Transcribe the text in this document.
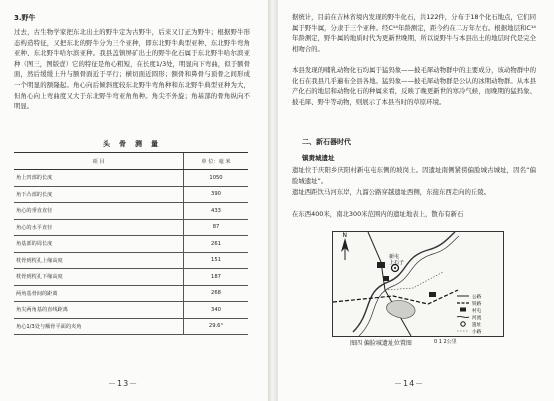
3.野牛
过去，古生物学家把东北出土的野牛定为古野牛，后来又订正为野牛；根据野牛形态构造特征，又把东北的野牛分为三个亚种，即东北野牛典型亚种、东北野牛弯角亚种、东北野牛哈尔滨亚种。我县盖镇屏矿出土的野牛化石属于东北野牛哈尔滨亚种（图三，图版壹）它的特征是角心粗短，在长度1/3处，明显向下弯曲，似于额骨面，然后缓缓上升与额骨面近于平行；横切面近圆形；额骨和鼻骨与顶骨之间形成一个明显的额隆起。角心向后倾斜度较东北野牛弯角种和东北野牛典型亚种为大，但角心向上弯曲度又大于东北野牛弯亚角角种。角尖不外旋；角基部的骨角纵向不明显。
头骨测量
项 目	单 位：毫 米
角上凹部的长度	1050
角下凸部的长度	390
角心的垂直直径	433
角心的水平直径	87
角基部的周长度	261
枕骨到枕孔上缘高度	151
枕骨到枕孔下缘高度	187
两角基骨间的距离	268
角尖两角基的直线距离	340
角心1/3处与额骨平面的夹角	29.6°
－13－
据统计，目前在吉林省境内发现的野牛化石，共122件，分布于18个化石地点，它们同属于野牛属，分隶于三个亚种。经C¹⁴年龄测定，距今约在二万年左右。根据地层和C¹⁴年龄测定，野牛属的地质时代为更新世晚期，所以说野牛与本县出土的地层时代是完全相吻合的。
本县发现的哺乳动物化石均属于猛犸象——披毛犀动物群中的主要成分，该动物群中的化石在我县几乎遍布全县各地。猛犸象——披毛犀动物群是公认的冰期动物群。从本县产化石的地层和动物化石的种属来看，反映了晚更新世的寒冷气候，而晚期的猛犸象、披毛犀、野牛等动物，则展示了本县当时的草原环境。
二、新石器时代
镇赉城遗址
遗址位于庆阳乡庆阳村新屯屯东侧的坡岗上。因遗址南侧紧傍偏脸城古城址，因名“偏脸城遗址”。
遗址西距饮马河东岸，九溜公路穿越遗址西侧，东接东西走向的丘陵。
在东西400米，南北300米范围内的遗址地表上，散布有新石
N
新屯
上石子
公路
铁路
村屯
河流
遗址
小路
图四 偏脸城遗址位置图	0 1 2公里
－14－
